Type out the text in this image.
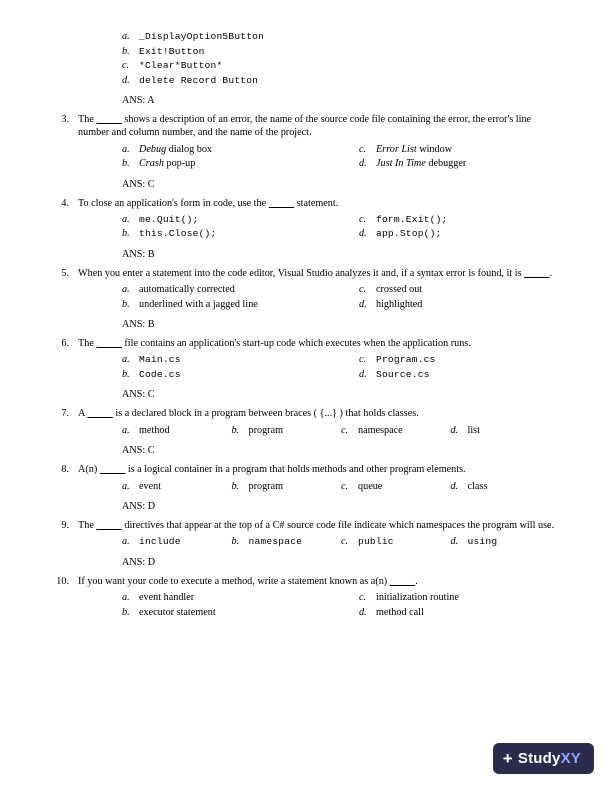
a. _DisplayOption5Button
b. Exit!Button
c.	*Clear*Button*
d. delete Record Button
ANS: A
3. The            shows a description of an error, the name of the source code file containing the error, the error's line number and column number, and the name of the project.
a. Debug dialog box	c. Error List window
b. Crash pop-up	d. Just In Time debugger
ANS: C
4. To close an application's form in code, use the            statement.
a. me.Quit();	c.	form.Exit();
b. this.Close();	d. app.Stop();
ANS: B
5. When you enter a statement into the code editor, Visual Studio analyzes it and, if a syntax error is found, it is           .
a. automatically corrected	c. crossed out
b. underlined with a jagged line	d. highlighted
ANS: B
6. The            file contains an application's start-up code which executes when the application runs.
a. Main.cs	c.	Program.cs
b. Code.cs	d. Source.cs
ANS: C
7. A            is a declared block in a program between braces ( {...} ) that holds classes.
a. method	b. program	c. namespace	d. list
ANS: C
8. A(n)            is a logical container in a program that holds methods and other program elements.
a. event	b. program	c. queue	d. class
ANS: D
9. The            directives that appear at the top of a C# source code file indicate which namespaces the program will use.
a. include	b. namespace	c.	public	d. using
ANS: D
10. If you want your code to execute a method, write a statement known as a(n)           .
a. event handler	c. initialization routine
b. executor statement	d. method call
+ Study XY
